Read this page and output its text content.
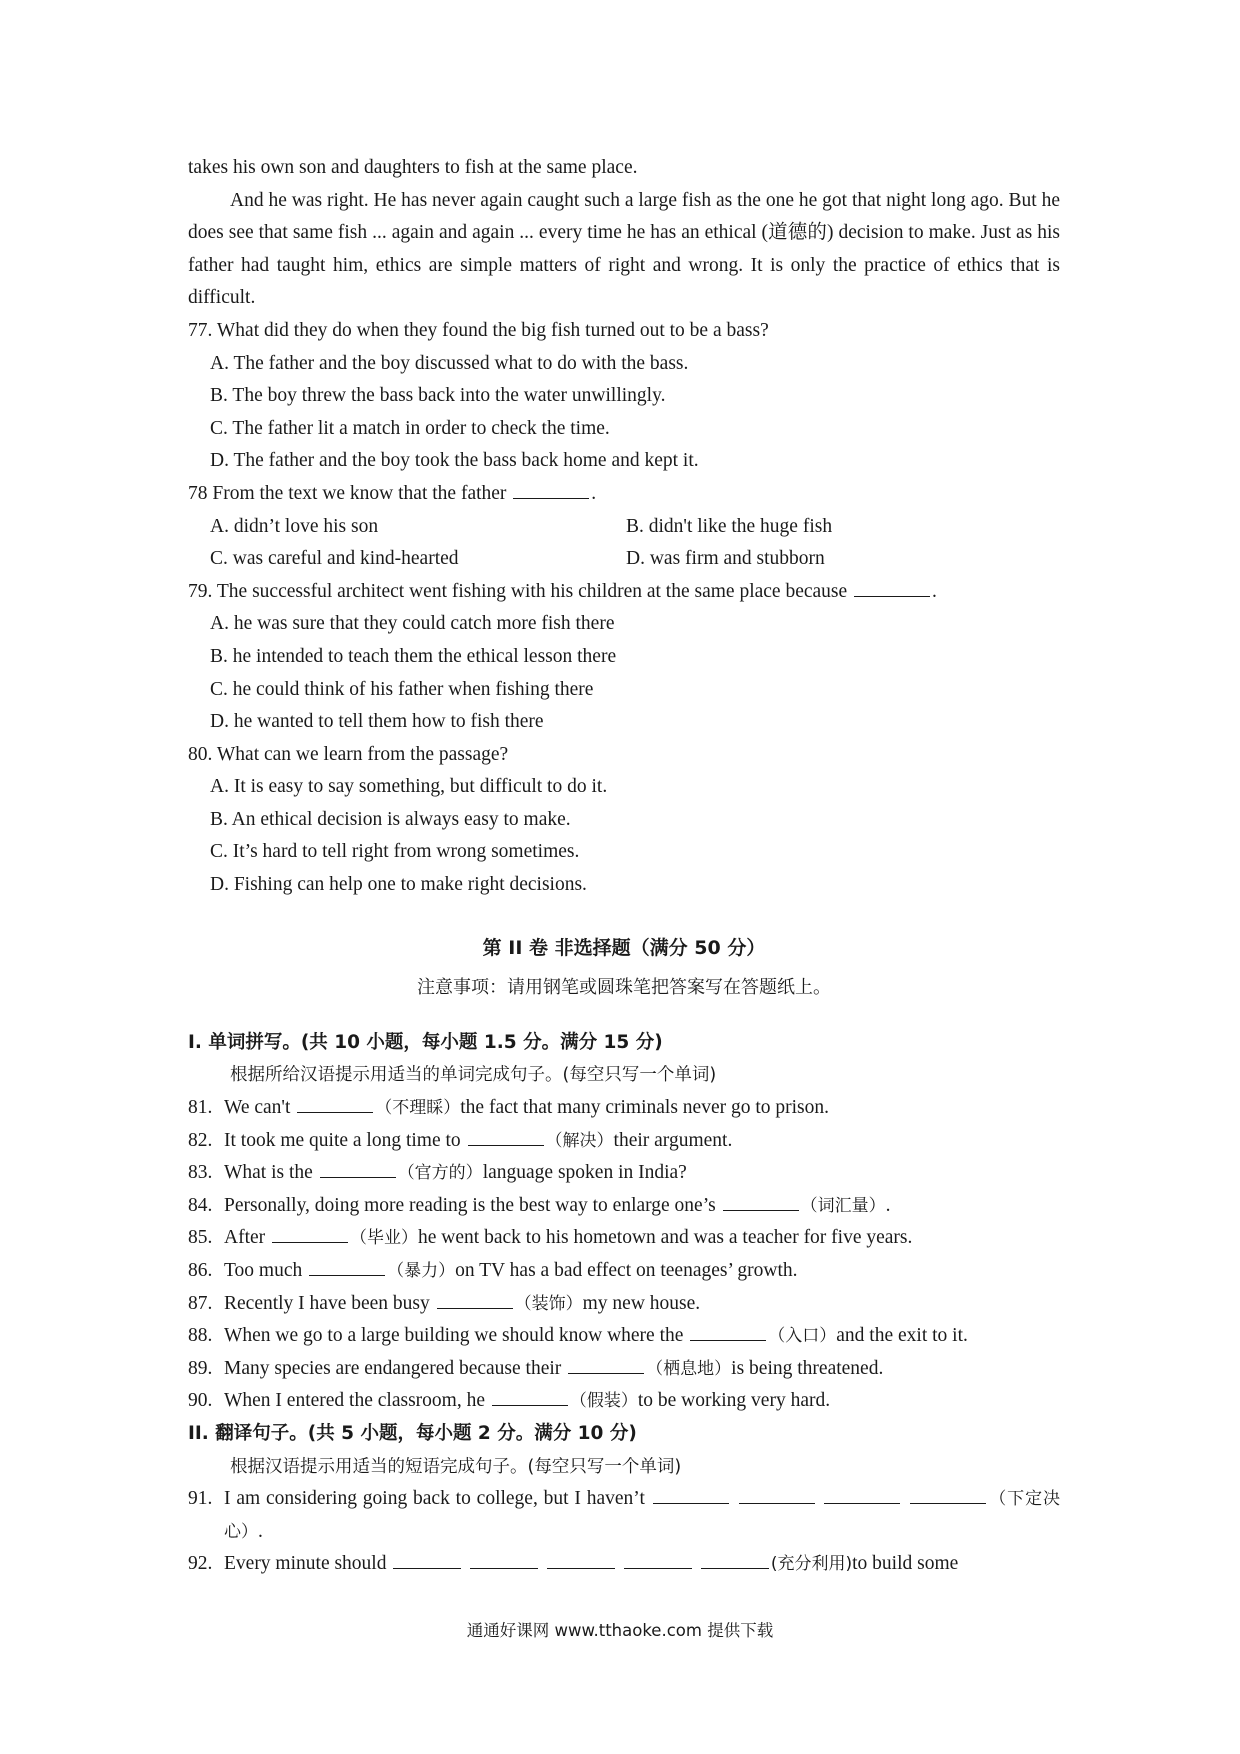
takes his own son and daughters to fish at the same place.

And he was right. He has never again caught such a large fish as the one he got that night long ago. But he does see that same fish ... again and again ... every time he has an ethical (道德的) decision to make. Just as his father had taught him, ethics are simple matters of right and wrong. It is only the practice of ethics that is difficult.

77. What did they do when they found the big fish turned out to be a bass?

A. The father and the boy discussed what to do with the bass.

B. The boy threw the bass back into the water unwillingly.

C. The father lit a match in order to check the time.

D. The father and the boy took the bass back home and kept it.

78 From the text we know that the father	.

A. didn’t love his son	B. didn't like the huge fish
C. was careful and kind-hearted	D. was firm and stubborn

79. The successful architect went fishing with his children at the same place because	.

A. he was sure that they could catch more fish there

B. he intended to teach them the ethical lesson there

C. he could think of his father when fishing there

D. he wanted to tell them how to fish there

80. What can we learn from the passage?

A. It is easy to say something, but difficult to do it.

B. An ethical decision is always easy to make.

C. It’s hard to tell right from wrong sometimes.

D. Fishing can help one to make right decisions.

第 II 卷 非选择题（满分 50 分）

注意事项：请用钢笔或圆珠笔把答案写在答题纸上。

I. 单词拼写。(共 10 小题，每小题 1.5 分。满分 15 分)

根据所给汉语提示用适当的单词完成句子。(每空只写一个单词)

81. We can't	（不理睬）the fact that many criminals never go to prison.

82. It took me quite a long time to	（解决）their argument.

83. What is the	（官方的）language spoken in India?

84. Personally, doing more reading is the best way to enlarge one’s	（词汇量）.

85. After	（毕业）he went back to his hometown and was a teacher for five years.

86. Too much	（暴力）on TV has a bad effect on teenages’ growth.

87. Recently I have been busy	（装饰）my new house.

88. When we go to a large building we should know where the	（入口）and the exit to it.

89. Many species are endangered because their	（栖息地）is being threatened.

90. When I entered the classroom, he	（假装）to be working very hard.

II. 翻译句子。(共 5 小题，每小题 2 分。满分 10 分)

根据汉语提示用适当的短语完成句子。(每空只写一个单词)

91. I am considering going back to college, but I haven’t	（下定决心）.

92. Every minute should	(充分利用)to build some

通通好课网 www.tthaoke.com 提供下载
